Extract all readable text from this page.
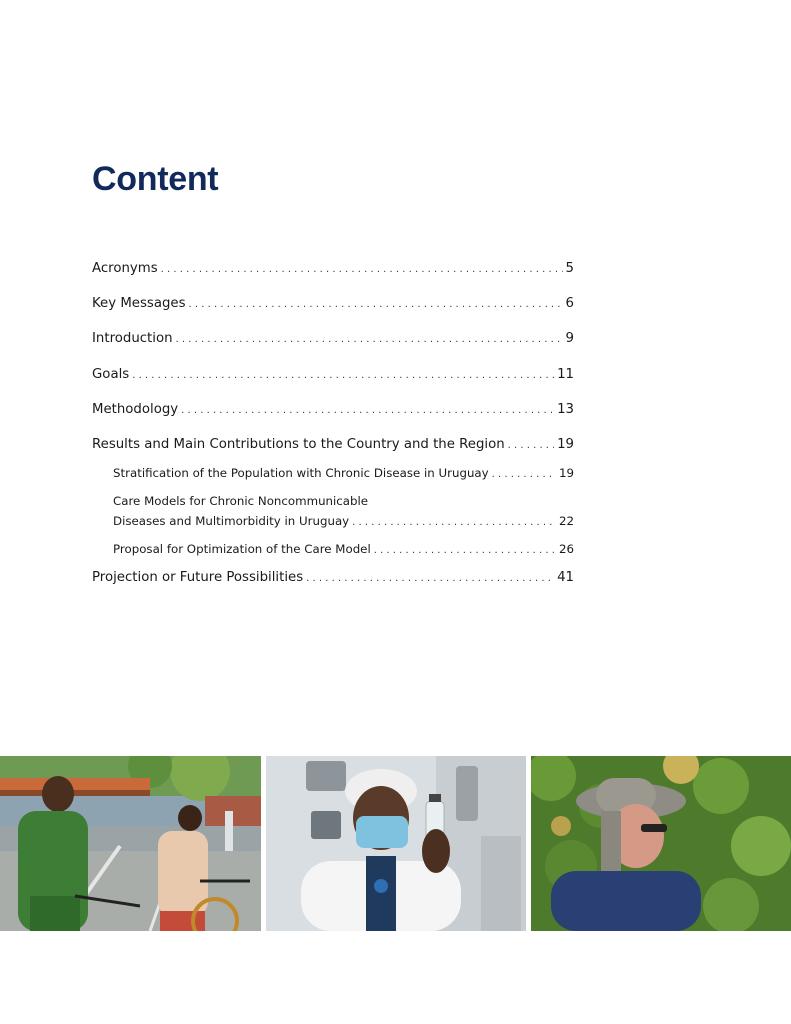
Content
Acronyms . . .	5
Key Messages . . .	6
Introduction . . .	9
Goals . . .	11
Methodology . . .	13
Results and Main Contributions to the Country and the Region . . .	19
Stratification of the Population with Chronic Disease in Uruguay . . .	19
Care Models for Chronic Noncommunicable
Diseases and Multimorbidity in Uruguay . . .	22
Proposal for Optimization of the Care Model . . .	26
Projection or Future Possibilities . . .	41
